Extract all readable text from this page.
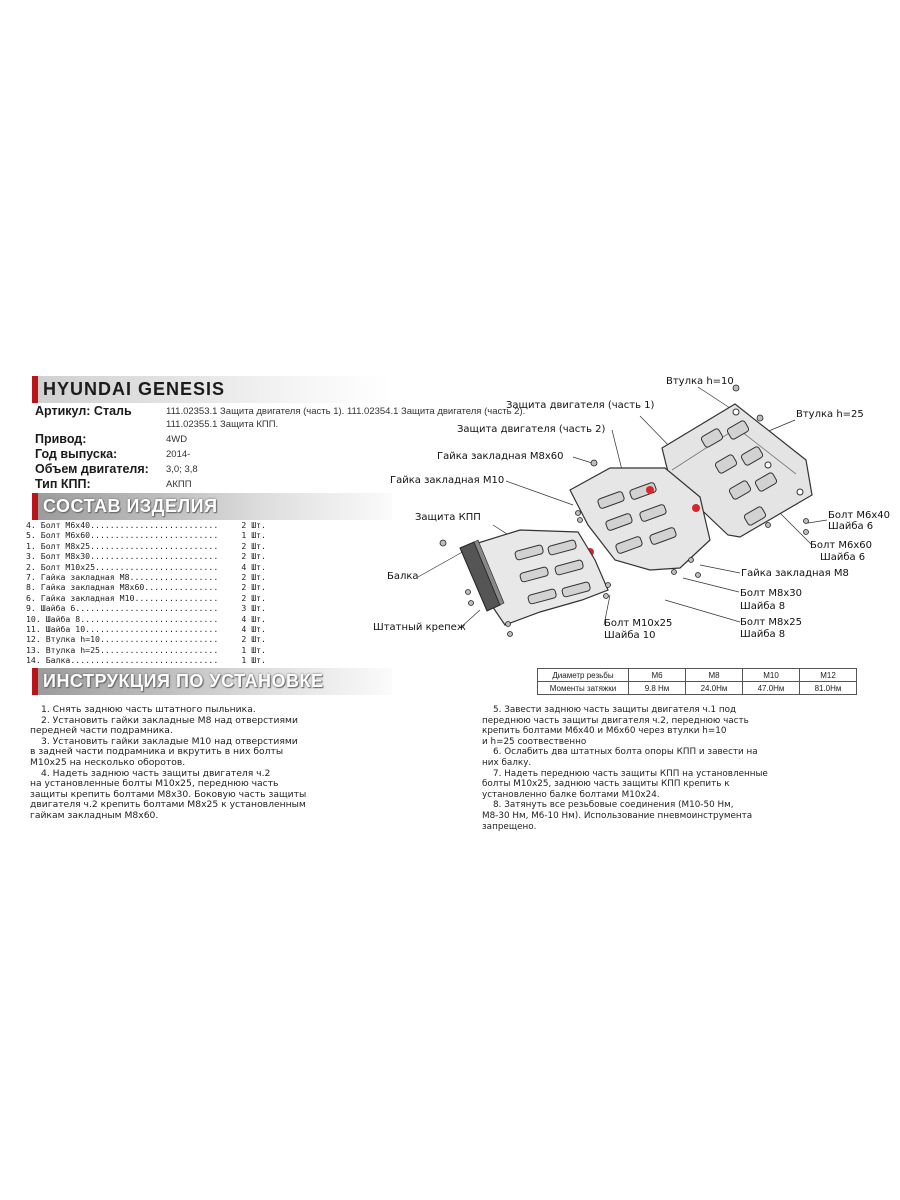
HYUNDAI GENESIS
Артикул: Сталь	111.02353.1 Защита двигателя (часть 1). 111.02354.1 Защита двигателя (часть 2).
111.02355.1 Защита КПП.
Привод:	4WD
Год выпуска:	2014-
Объем двигателя: 3,0; 3,8
Тип КПП:	АКПП
СОСТАВ ИЗДЕЛИЯ
4. Болт М6х40..........................	2 Шт.
5. Болт М6х60..........................	1 Шт.
1. Болт М8х25..........................	2 Шт.
3. Болт М8х30..........................	2 Шт.
2. Болт М10х25.........................	4 Шт.
7. Гайка закладная М8..................	2 Шт.
8. Гайка закладная М8х60...............	2 Шт.
6. Гайка закладная М10.................	2 Шт.
9. Шайба 6.............................	3 Шт.
10. Шайба 8............................	4 Шт.
11. Шайба 10...........................	4 Шт.
12. Втулка h=10........................	2 Шт.
13. Втулка h=25........................	1 Шт.
14. Балка..............................	1 Шт.
ИНСТРУКЦИЯ ПО УСТАНОВКЕ	Диаметр резьбы	М6	М8	М10	М12
Моменты затяжки	9.8 Нм	24.0Нм	47.0Нм	81.0Нм

1. Снять заднюю часть штатного пыльника.

2. Установить гайки закладные М8 над отверстиями

передней части подрамника.

3. Установить гайки закладые М10 над отверстиями

в задней части подрамника и вкрутить в них болты

М10х25 на несколько оборотов.

4. Надеть заднюю часть защиты двигателя ч.2

на установленные болты М10х25, переднюю часть

защиты крепить болтами М8х30. Боковую часть защиты

двигателя ч.2 крепить болтами М8х25 к установленным

гайкам закладным М8х60.

5. Завести заднюю часть защиты двигателя ч.1 под

переднюю часть защиты двигателя ч.2, переднюю часть

крепить болтами М6х40 и М6х60 через втулки h=10

и h=25 соотвественно

6. Ослабить два штатных болта опоры КПП и завести на

них балку.

7. Надеть переднюю часть защиты КПП на установленные

болты М10х25, заднюю часть защиты КПП крепить к

установленно балке болтами М10х24.

8. Затянуть все резьбовые соединения (М10-50 Нм,

М8-30 Нм, М6-10 Нм). Использование пневмоинструмента

запрещено.

Втулка h=10
Втулка h=25
Защита двигателя (часть 1)
Защита двигателя (часть 2)
Гайка закладная М8х60
Гайка закладная М10
Защита КПП
Балка
Штатный крепеж
Болт М6х40
Шайба 6
Болт М6х60
Шайба 6
Гайка закладная М8
Болт М8х30
Шайба 8
Болт М8х25
Шайба 8
Болт М10х25
Шайба 10
